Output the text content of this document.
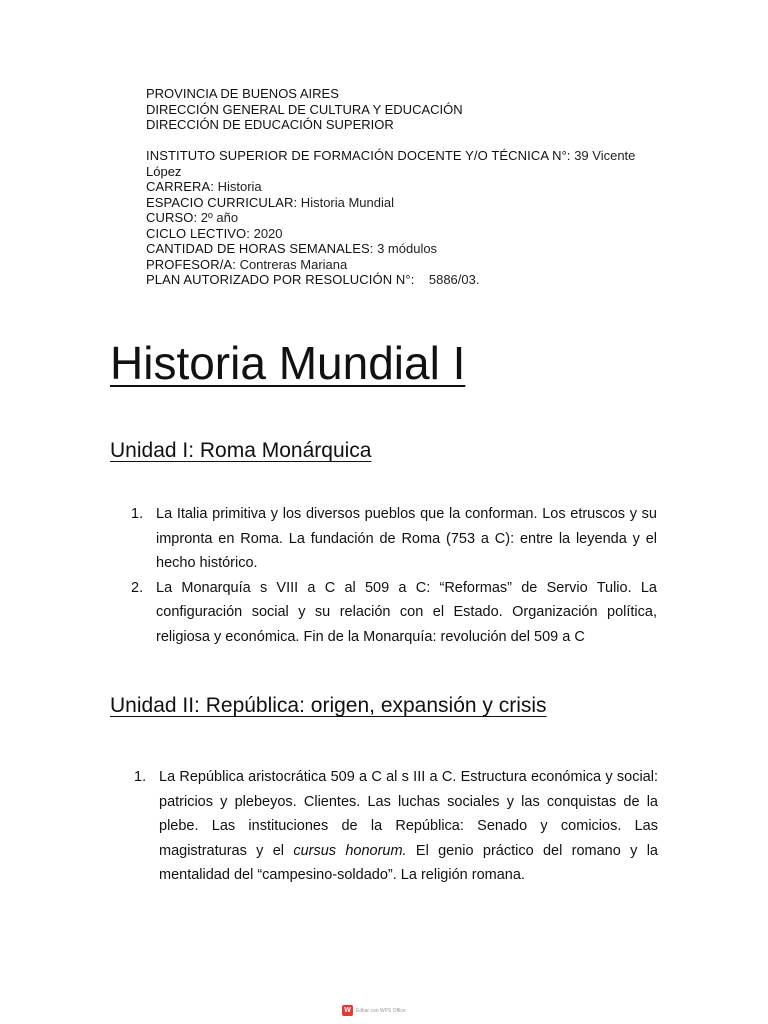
PROVINCIA DE BUENOS AIRES
DIRECCIÓN GENERAL DE CULTURA Y EDUCACIÓN
DIRECCIÓN DE EDUCACIÓN SUPERIOR
INSTITUTO SUPERIOR DE FORMACIÓN DOCENTE Y/O TÉCNICA N°: 39 Vicente
López
CARRERA: Historia
ESPACIO CURRICULAR: Historia Mundial
CURSO: 2º año
CICLO LECTIVO: 2020
CANTIDAD DE HORAS SEMANALES: 3 módulos
PROFESOR/A: Contreras Mariana
PLAN AUTORIZADO POR RESOLUCIÓN N°:    5886/03.
Historia Mundial I
Unidad I: Roma Monárquica
1. La Italia primitiva y los diversos pueblos que la conforman. Los etruscos y su impronta en Roma. La fundación de Roma (753 a C): entre la leyenda y el hecho histórico.
2. La Monarquía s VIII a C al 509 a C: “Reformas” de Servio Tulio. La configuración social y su relación con el Estado. Organización política, religiosa y económica. Fin de la Monarquía: revolución del 509 a C
Unidad II: República: origen, expansión y crisis
1. La República aristocrática 509 a C al s III a C. Estructura económica y social: patricios y plebeyos. Clientes. Las luchas sociales y las conquistas de la plebe. Las instituciones de la República: Senado y comicios. Las magistraturas y el cursus honorum. El genio práctico del romano y la mentalidad del “campesino-soldado”. La religión romana.
W	Editar con WPS Office
